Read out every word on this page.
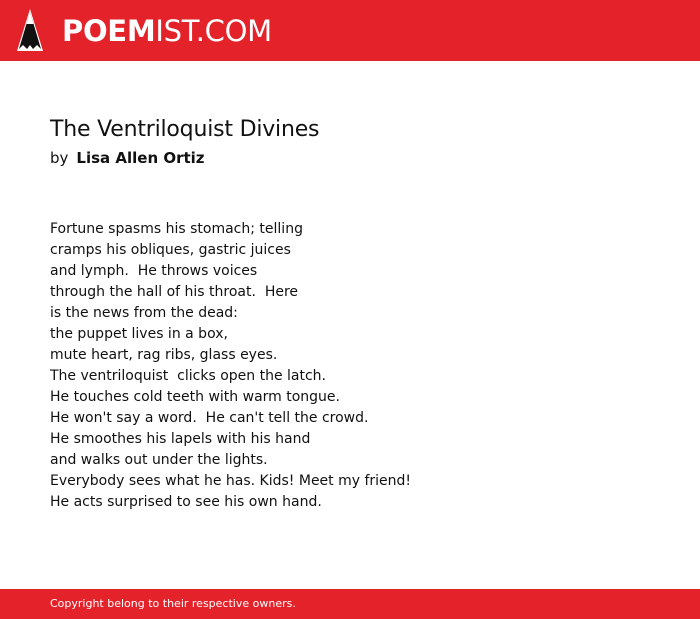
POEMIST.COM
The Ventriloquist Divines
by Lisa Allen Ortiz
Fortune spasms his stomach; telling
cramps his obliques, gastric juices
and lymph.  He throws voices
through the hall of his throat.  Here
is the news from the dead:
the puppet lives in a box,
mute heart, rag ribs, glass eyes.
The ventriloquist  clicks open the latch.
He touches cold teeth with warm tongue.
He won't say a word.  He can't tell the crowd.
He smoothes his lapels with his hand
and walks out under the lights.
Everybody sees what he has. Kids! Meet my friend!
He acts surprised to see his own hand.
Copyright belong to their respective owners.
